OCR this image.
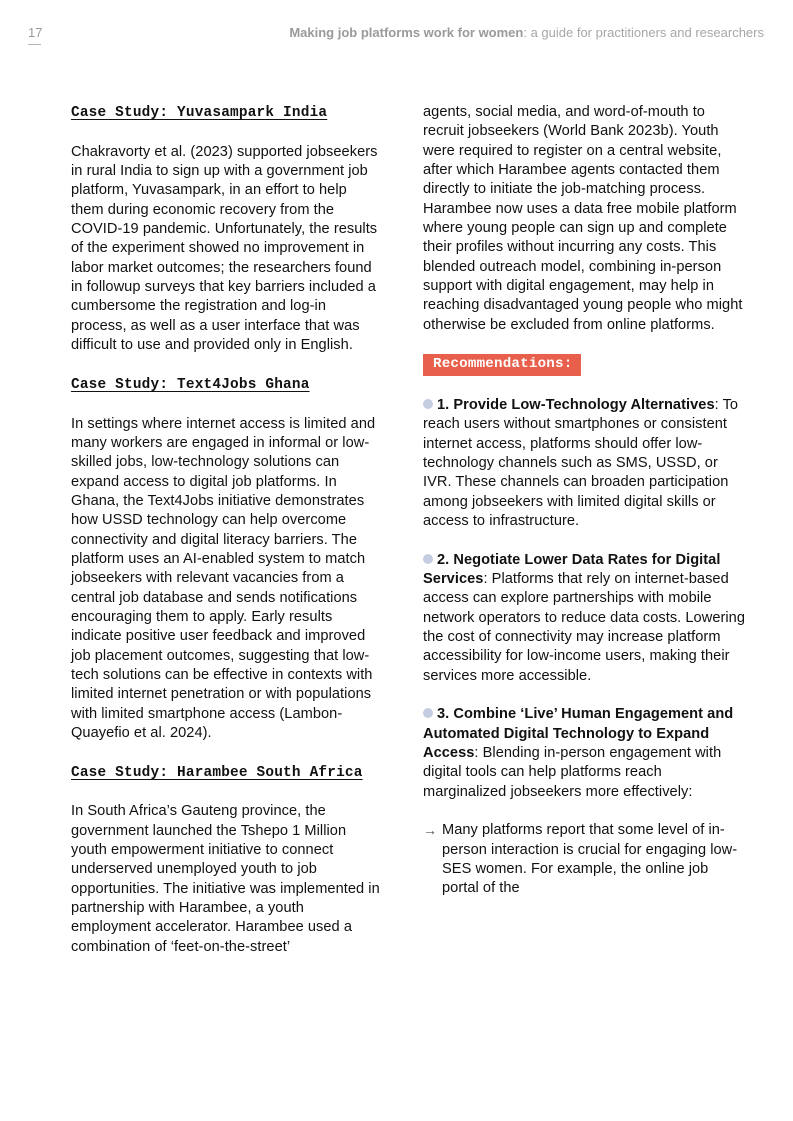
17	Making job platforms work for women: a guide for practitioners and researchers
Case Study: Yuvasampark India

Chakravorty et al. (2023) supported jobseekers in rural India to sign up with a government job platform, Yuvasampark, in an effort to help them during economic recovery from the COVID-19 pandemic. Unfortunately, the results of the experiment showed no improvement in labor market outcomes; the researchers found in followup surveys that key barriers included a cumbersome the registration and log-in process, as well as a user interface that was difficult to use and provided only in English.

Case Study: Text4Jobs Ghana

In settings where internet access is limited and many workers are engaged in informal or low-skilled jobs, low-technology solutions can expand access to digital job platforms. In Ghana, the Text4Jobs initiative demonstrates how USSD technology can help overcome connectivity and digital literacy barriers. The platform uses an AI-enabled system to match jobseekers with relevant vacancies from a central job database and sends notifications encouraging them to apply. Early results indicate positive user feedback and improved job placement outcomes, suggesting that low-tech solutions can be effective in contexts with limited internet penetration or with populations with limited smartphone access (Lambon-Quayefio et al. 2024).

Case Study: Harambee South Africa

In South Africa’s Gauteng province, the government launched the Tshepo 1 Million youth empowerment initiative to connect underserved unemployed youth to job opportunities. The initiative was implemented in partnership with Harambee, a youth employment accelerator. Harambee used a combination of ‘feet-on-the-street’

agents, social media, and word-of-mouth to recruit jobseekers (World Bank 2023b). Youth were required to register on a central website, after which Harambee agents contacted them directly to initiate the job-matching process. Harambee now uses a data free mobile platform where young people can sign up and complete their profiles without incurring any costs. This blended outreach model, combining in-person support with digital engagement, may help in reaching disadvantaged young people who might otherwise be excluded from online platforms.

Recommendations:

1. Provide Low-Technology Alternatives: To reach users without smartphones or consistent internet access, platforms should offer low-technology channels such as SMS, USSD, or IVR. These channels can broaden participation among jobseekers with limited digital skills or access to infrastructure.

2. Negotiate Lower Data Rates for Digital Services: Platforms that rely on internet-based access can explore partnerships with mobile network operators to reduce data costs. Lowering the cost of connectivity may increase platform accessibility for low-income users, making their services more accessible.

3. Combine ‘Live’ Human Engagement and Automated Digital Technology to Expand Access: Blending in-person engagement with digital tools can help platforms reach marginalized jobseekers more effectively:

→ Many platforms report that some level of in-person interaction is crucial for engaging low-SES women. For example, the online job portal of the
